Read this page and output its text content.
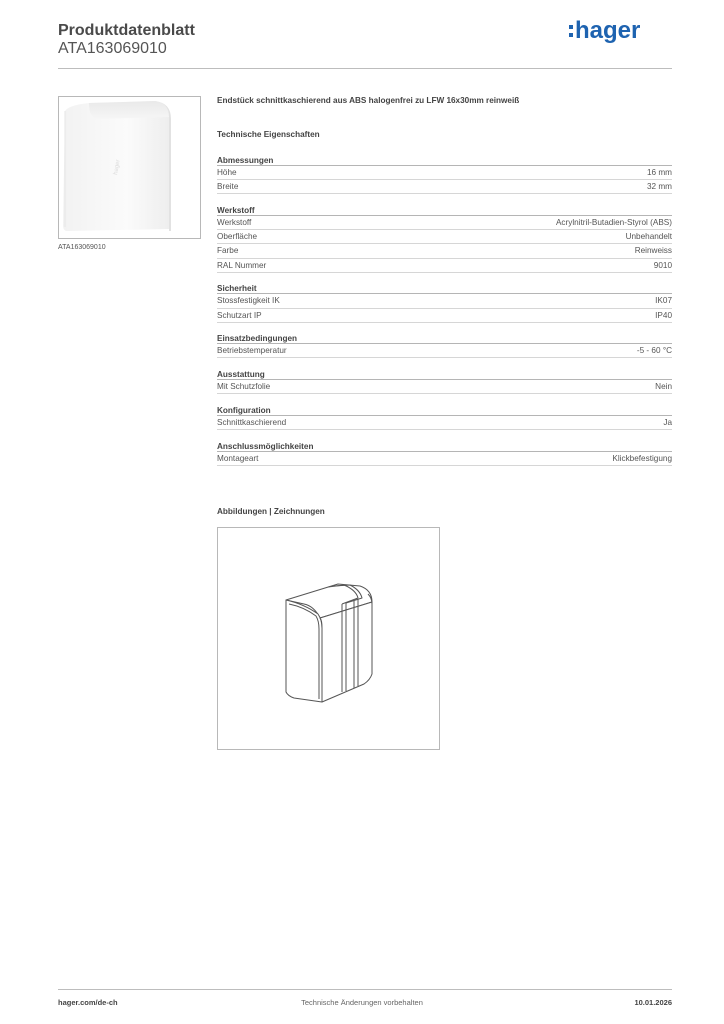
Produktdatenblatt
ATA163069010
hager
hager
ATA163069010
Endstück schnittkaschierend aus ABS halogenfrei zu LFW 16x30mm reinweiß
Technische Eigenschaften
Abmessungen
Höhe	16 mm
Breite	32 mm
Werkstoff
Werkstoff	Acrylnitril-Butadien-Styrol (ABS)
Oberfläche	Unbehandelt
Farbe	Reinweiss
RAL Nummer	9010
Sicherheit
Stossfestigkeit IK	IK07
Schutzart IP	IP40
Einsatzbedingungen
Betriebstemperatur	-5 - 60 °C
Ausstattung
Mit Schutzfolie	Nein
Konfiguration
Schnittkaschierend	Ja
Anschlussmöglichkeiten
Montageart	Klickbefestigung
Abbildungen | Zeichnungen
hager.com/de-ch	Technische Änderungen vorbehalten	10.01.2026
